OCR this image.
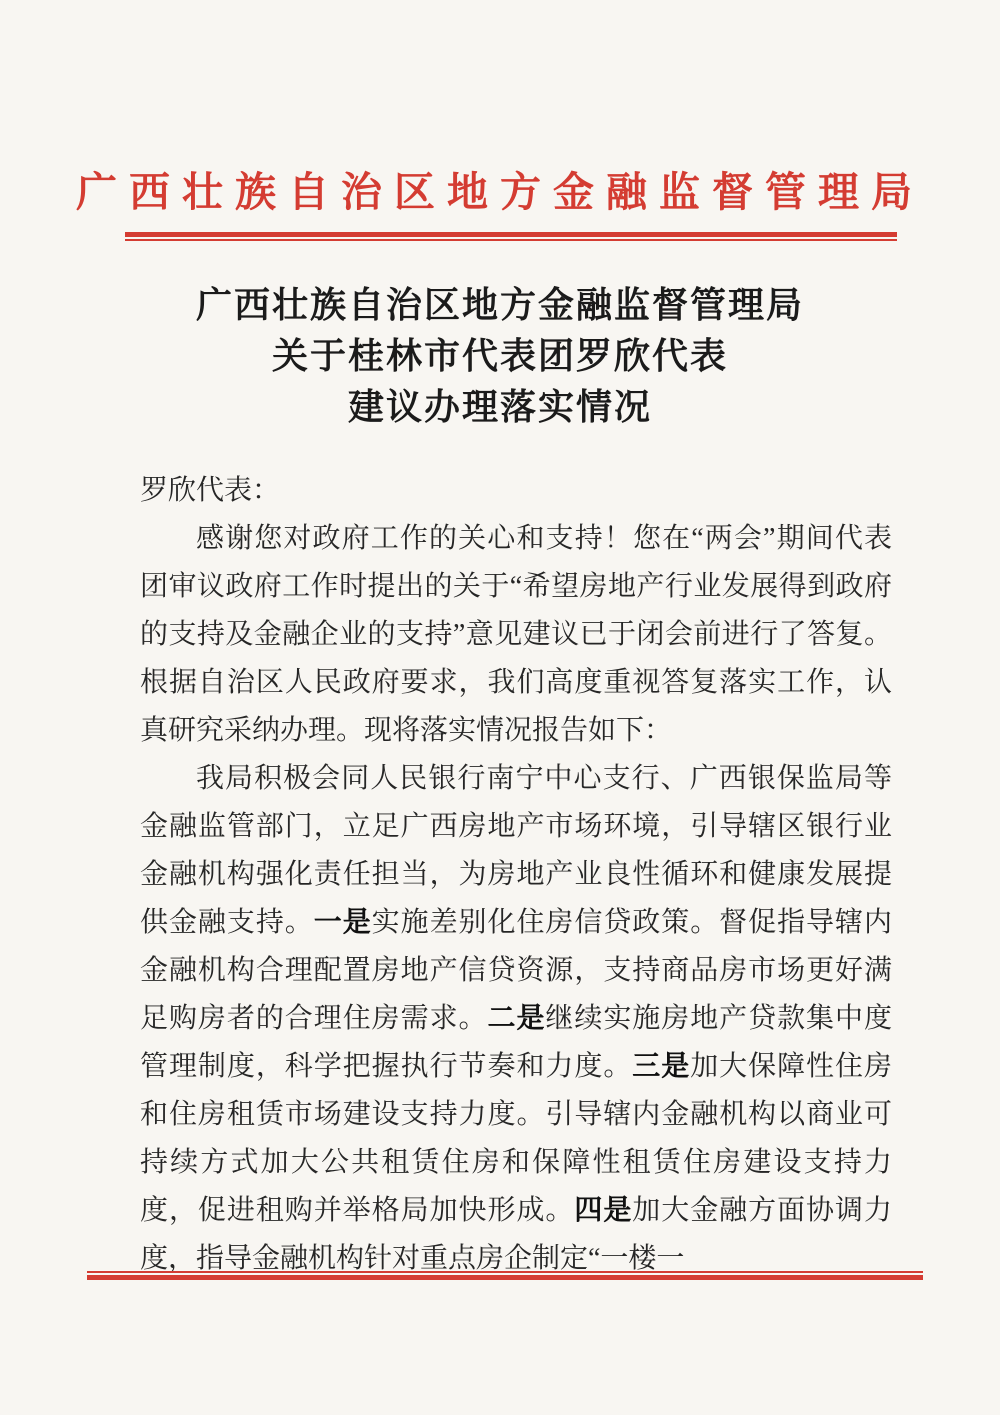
广西壮族自治区地方金融监督管理局
广西壮族自治区地方金融监督管理局
关于桂林市代表团罗欣代表
建议办理落实情况

罗欣代表：

感谢您对政府工作的关心和支持！您在“两会”期间代表团审议政府工作时提出的关于“希望房地产行业发展得到政府的支持及金融企业的支持”意见建议已于闭会前进行了答复。根据自治区人民政府要求，我们高度重视答复落实工作，认真研究采纳办理。现将落实情况报告如下：

我局积极会同人民银行南宁中心支行、广西银保监局等金融监管部门，立足广西房地产市场环境，引导辖区银行业金融机构强化责任担当，为房地产业良性循环和健康发展提供金融支持。一是实施差别化住房信贷政策。督促指导辖内金融机构合理配置房地产信贷资源，支持商品房市场更好满足购房者的合理住房需求。二是继续实施房地产贷款集中度管理制度，科学把握执行节奏和力度。三是加大保障性住房和住房租赁市场建设支持力度。引导辖内金融机构以商业可持续方式加大公共租赁住房和保障性租赁住房建设支持力度，促进租购并举格局加快形成。四是加大金融方面协调力度，指导金融机构针对重点房企制定“一楼一
